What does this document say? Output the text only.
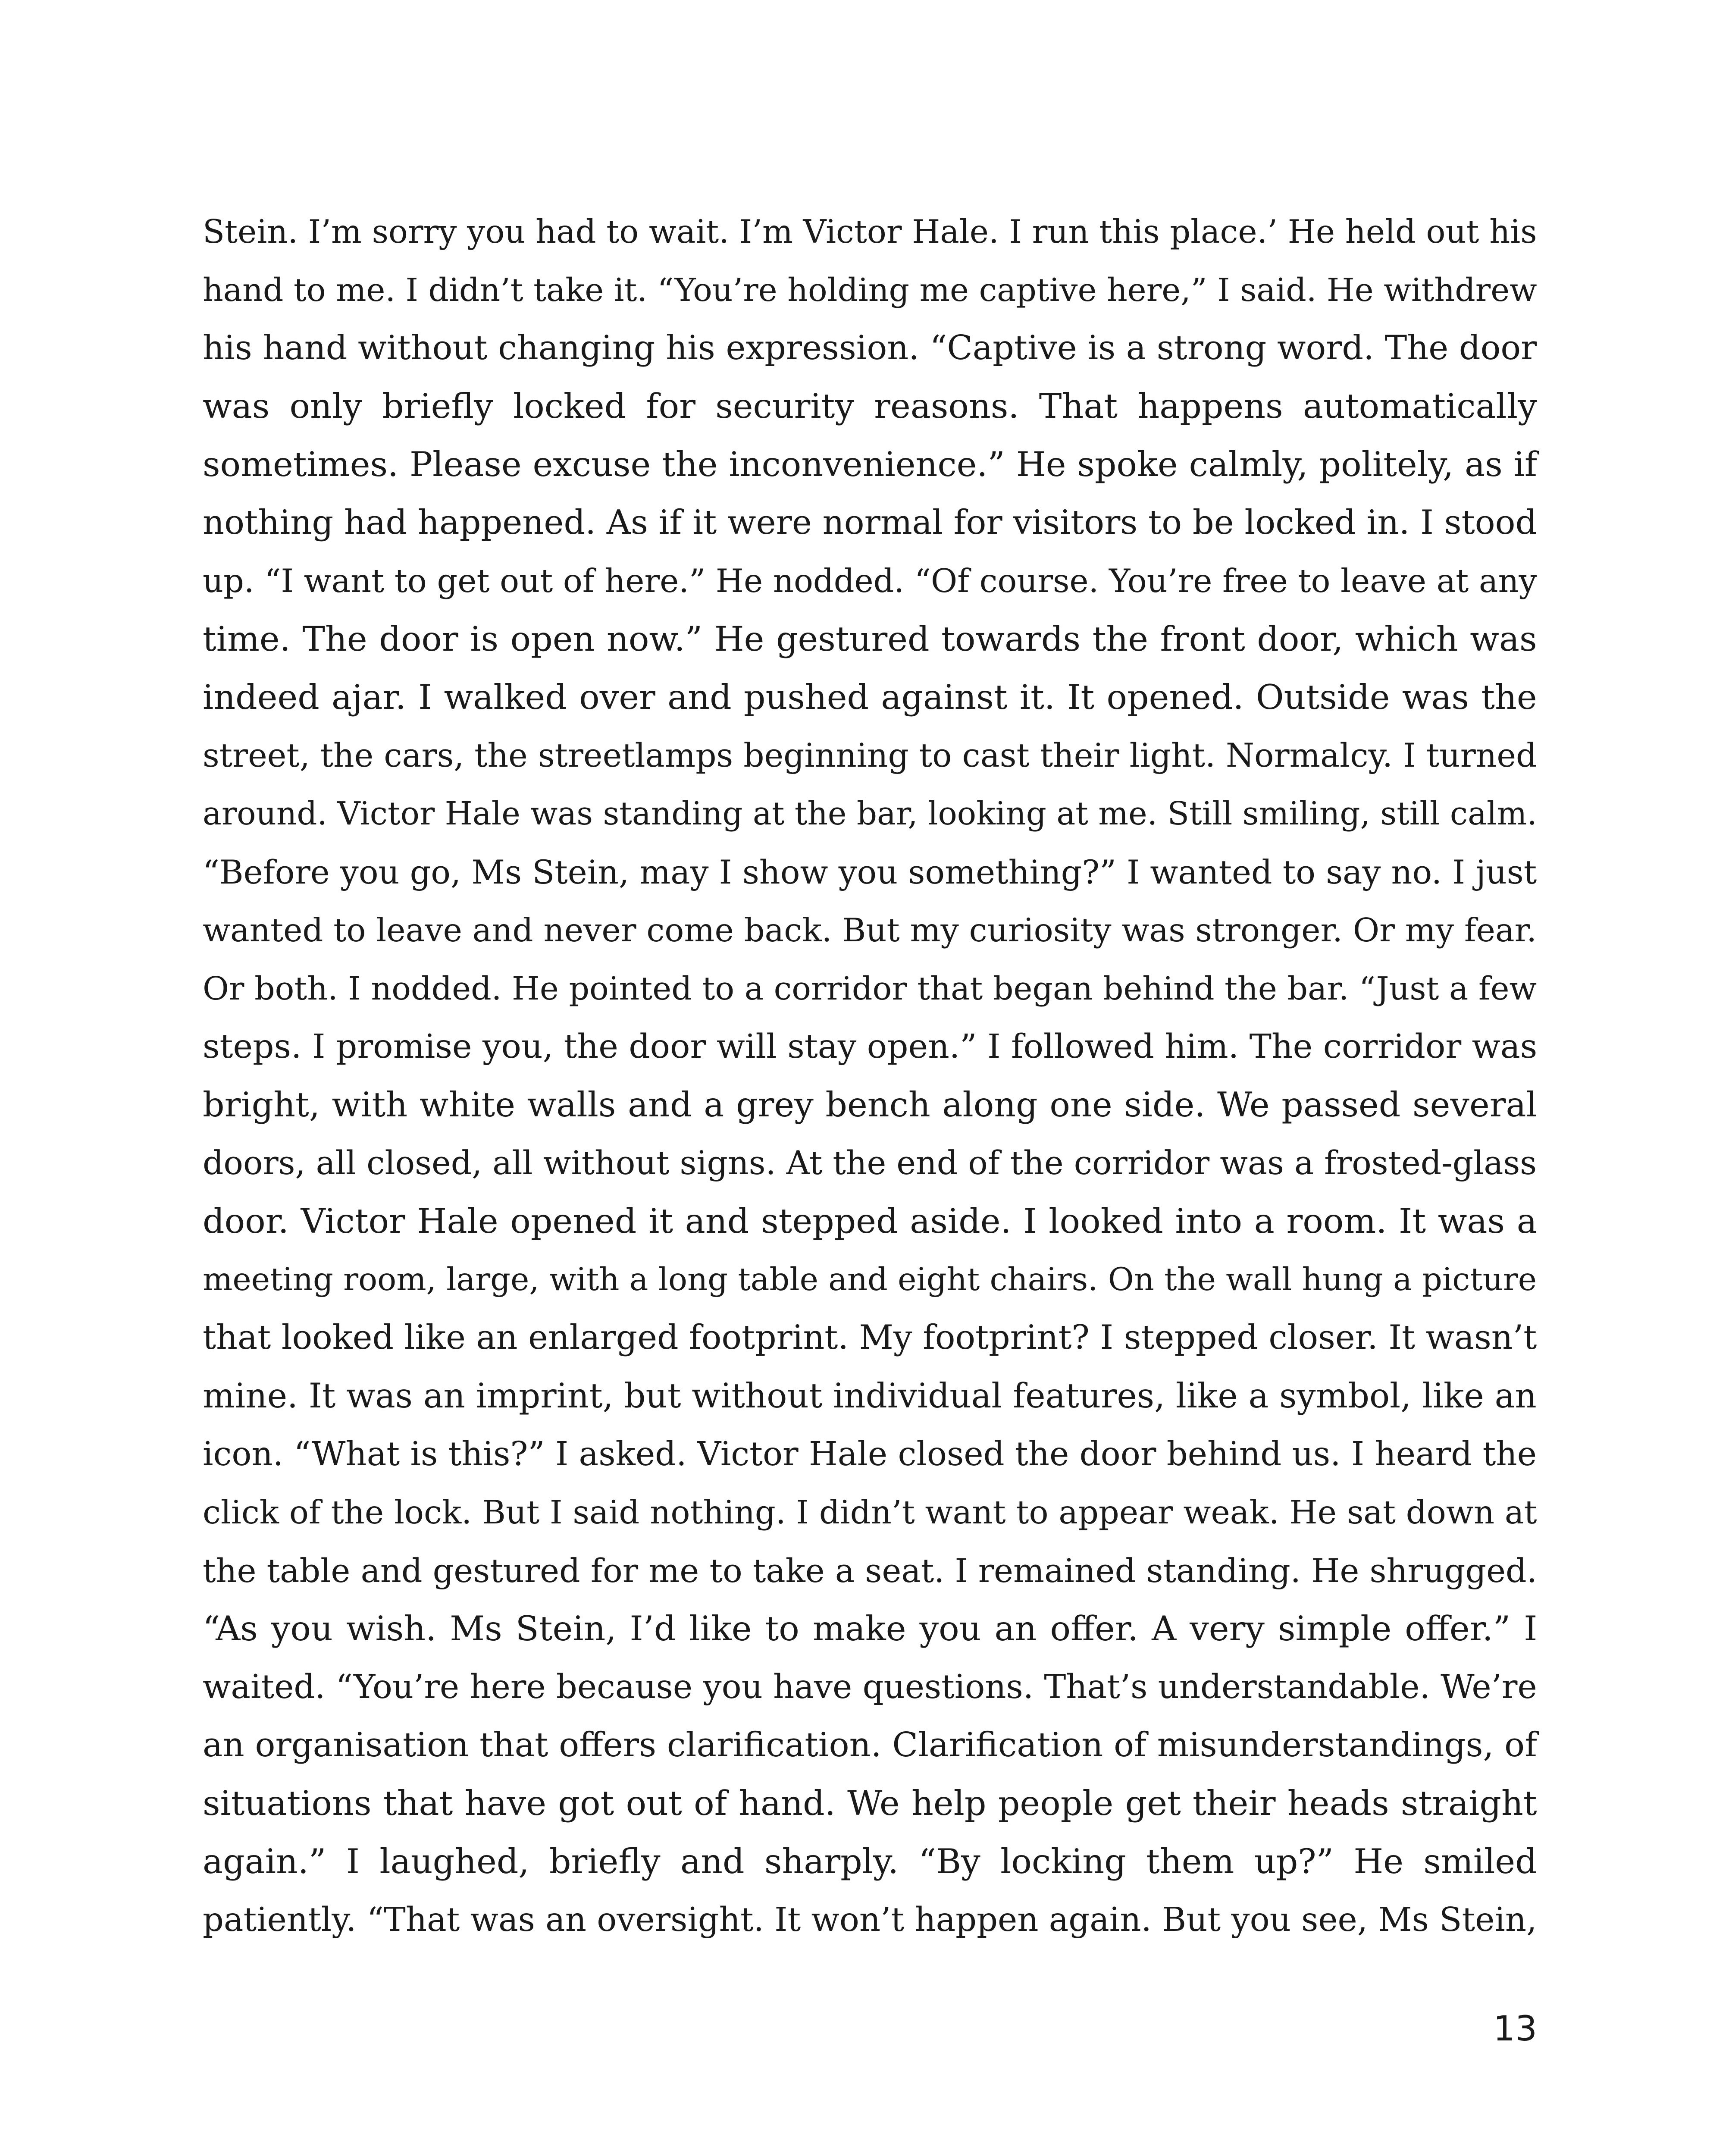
Stein. I’m sorry you had to wait. I’m Victor Hale. I run this place.’ He held out his
hand to me. I didn’t take it. “You’re holding me captive here,” I said. He withdrew
his hand without changing his expression. “Captive is a strong word. The door
was only briefly locked for security reasons. That happens automatically
sometimes. Please excuse the inconvenience.” He spoke calmly, politely, as if
nothing had happened. As if it were normal for visitors to be locked in. I stood
up. “I want to get out of here.” He nodded. “Of course. You’re free to leave at any
time. The door is open now.” He gestured towards the front door, which was
indeed ajar. I walked over and pushed against it. It opened. Outside was the
street, the cars, the streetlamps beginning to cast their light. Normalcy. I turned
around. Victor Hale was standing at the bar, looking at me. Still smiling, still calm.
“Before you go, Ms Stein, may I show you something?” I wanted to say no. I just
wanted to leave and never come back. But my curiosity was stronger. Or my fear.
Or both. I nodded. He pointed to a corridor that began behind the bar. “Just a few
steps. I promise you, the door will stay open.” I followed him. The corridor was
bright, with white walls and a grey bench along one side. We passed several
doors, all closed, all without signs. At the end of the corridor was a frosted-glass
door. Victor Hale opened it and stepped aside. I looked into a room. It was a
meeting room, large, with a long table and eight chairs. On the wall hung a picture
that looked like an enlarged footprint. My footprint? I stepped closer. It wasn’t
mine. It was an imprint, but without individual features, like a symbol, like an
icon. “What is this?” I asked. Victor Hale closed the door behind us. I heard the
click of the lock. But I said nothing. I didn’t want to appear weak. He sat down at
the table and gestured for me to take a seat. I remained standing. He shrugged.
“As you wish. Ms Stein, I’d like to make you an offer. A very simple offer.” I
waited. “You’re here because you have questions. That’s understandable. We’re
an organisation that offers clarification. Clarification of misunderstandings, of
situations that have got out of hand. We help people get their heads straight
again.” I laughed, briefly and sharply. “By locking them up?” He smiled
patiently. “That was an oversight. It won’t happen again. But you see, Ms Stein,
13
